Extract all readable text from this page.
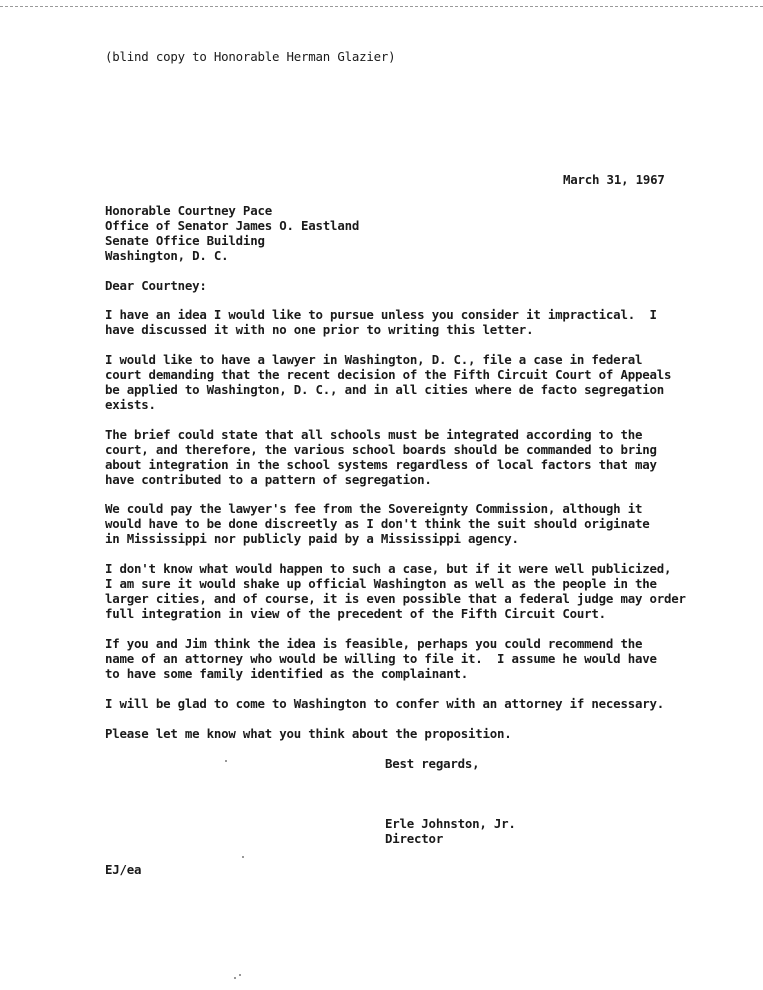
(blind copy to Honorable Herman Glazier)
March 31, 1967
Honorable Courtney Pace
Office of Senator James O. Eastland
Senate Office Building
Washington, D. C.
Dear Courtney:
I have an idea I would like to pursue unless you consider it impractical.  I
have discussed it with no one prior to writing this letter.
I would like to have a lawyer in Washington, D. C., file a case in federal
court demanding that the recent decision of the Fifth Circuit Court of Appeals
be applied to Washington, D. C., and in all cities where de facto segregation
exists.
The brief could state that all schools must be integrated according to the
court, and therefore, the various school boards should be commanded to bring
about integration in the school systems regardless of local factors that may
have contributed to a pattern of segregation.
We could pay the lawyer's fee from the Sovereignty Commission, although it
would have to be done discreetly as I don't think the suit should originate
in Mississippi nor publicly paid by a Mississippi agency.
I don't know what would happen to such a case, but if it were well publicized,
I am sure it would shake up official Washington as well as the people in the
larger cities, and of course, it is even possible that a federal judge may order
full integration in view of the precedent of the Fifth Circuit Court.
If you and Jim think the idea is feasible, perhaps you could recommend the
name of an attorney who would be willing to file it.  I assume he would have
to have some family identified as the complainant.
I will be glad to come to Washington to confer with an attorney if necessary.
Please let me know what you think about the proposition.
Best regards,
Erle Johnston, Jr.
Director
EJ/ea
